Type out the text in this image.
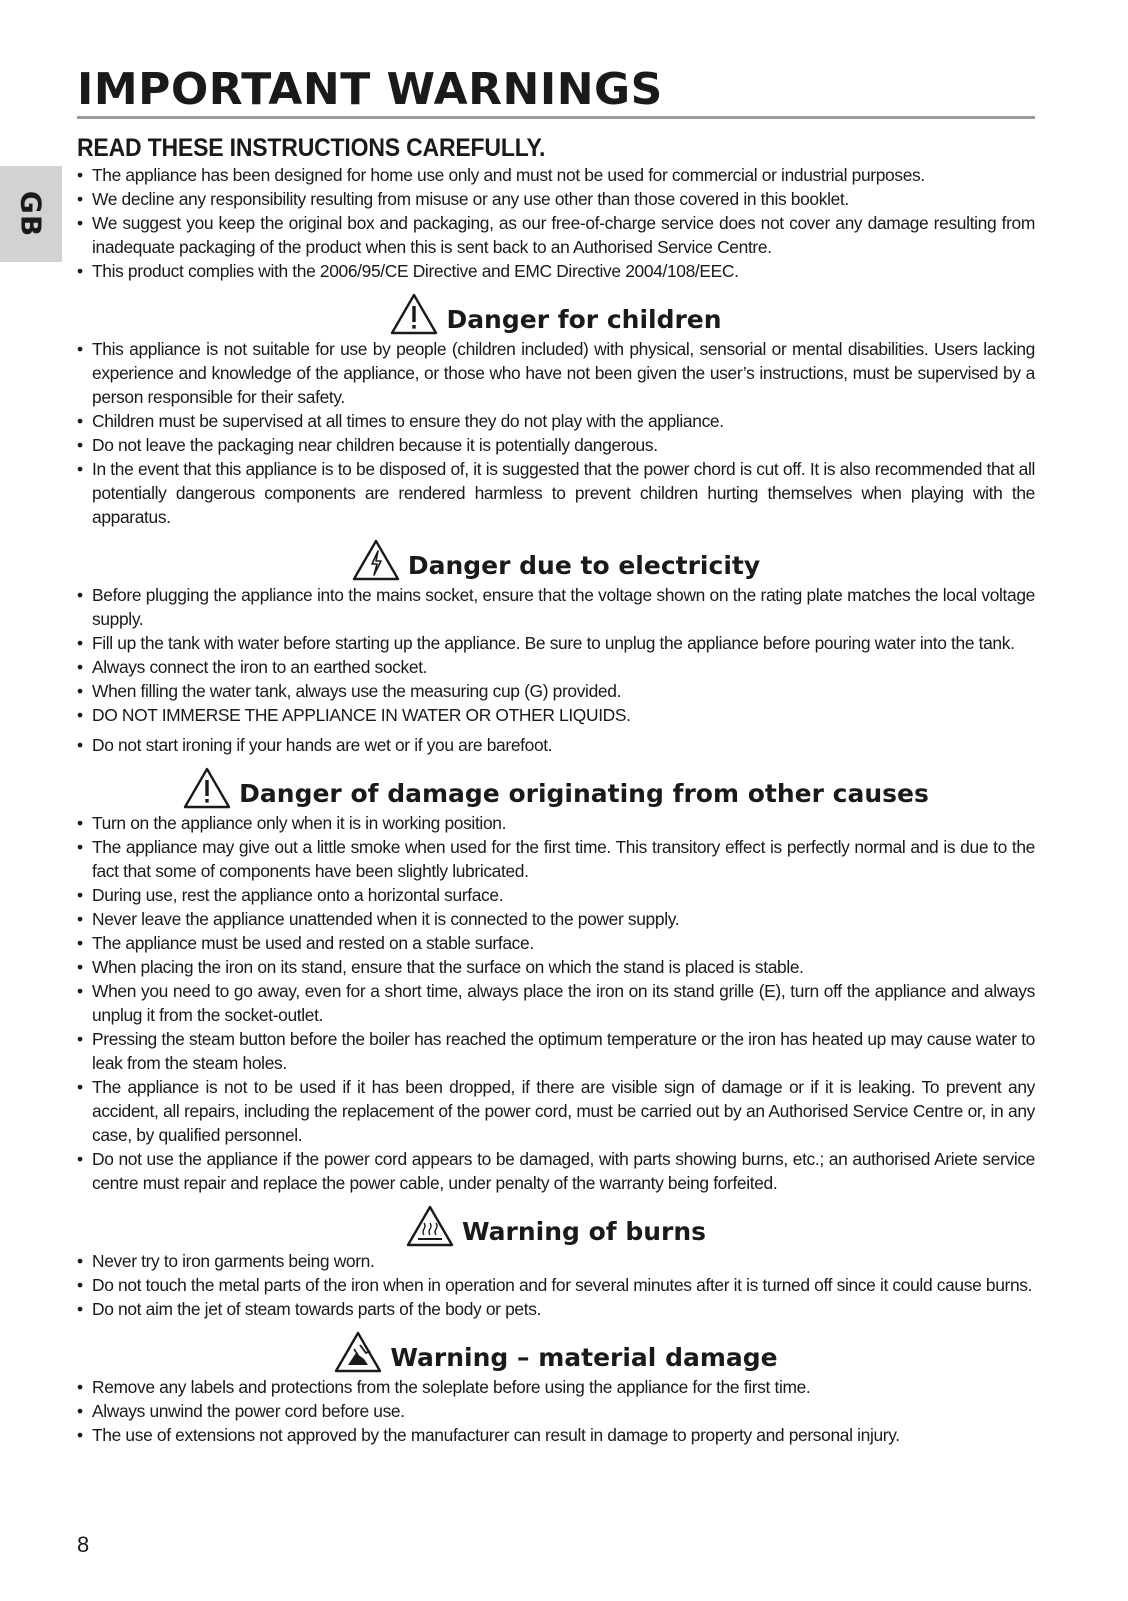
GB
IMPORTANT WARNINGS
READ THESE INSTRUCTIONS CAREFULLY.
• The appliance has been designed for home use only and must not be used for commercial or industrial purposes.
• We decline any responsibility resulting from misuse or any use other than those covered in this booklet.
• We suggest you keep the original box and packaging, as our free-of-charge service does not cover any damage resulting from inadequate packaging of the product when this is sent back to an Authorised Service Centre.
• This product complies with the 2006/95/CE Directive and EMC Directive 2004/108/EEC.
Danger for children
• This appliance is not suitable for use by people (children included) with physical, sensorial or mental disabilities. Users lacking experience and knowledge of the appliance, or those who have not been given the user’s instructions, must be supervised by a person responsible for their safety.
• Children must be supervised at all times to ensure they do not play with the appliance.
• Do not leave the packaging near children because it is potentially dangerous.
• In the event that this appliance is to be disposed of, it is suggested that the power chord is cut off. It is also recommended that all potentially dangerous components are rendered harmless to prevent children hurting themselves when playing with the apparatus.
Danger due to electricity
• Before plugging the appliance into the mains socket, ensure that the voltage shown on the rating plate matches the local voltage supply.
• Fill up the tank with water before starting up the appliance. Be sure to unplug the appliance before pouring water into the tank.
• Always connect the iron to an earthed socket.
• When filling the water tank, always use the measuring cup (G) provided.
• DO NOT IMMERSE THE APPLIANCE IN WATER OR OTHER LIQUIDS.
• Do not start ironing if your hands are wet or if you are barefoot.
Danger of damage originating from other causes
• Turn on the appliance only when it is in working position.
• The appliance may give out a little smoke when used for the first time. This transitory effect is perfectly normal and is due to the fact that some of components have been slightly lubricated.
• During use, rest the appliance onto a horizontal surface.
• Never leave the appliance unattended when it is connected to the power supply.
• The appliance must be used and rested on a stable surface.
• When placing the iron on its stand, ensure that the surface on which the stand is placed is stable.
• When you need to go away, even for a short time, always place the iron on its stand grille (E), turn off the appliance and always unplug it from the socket-outlet.
• Pressing the steam button before the boiler has reached the optimum temperature or the iron has heated up may cause water to leak from the steam holes.
• The appliance is not to be used if it has been dropped, if there are visible sign of damage or if it is leaking. To prevent any accident, all repairs, including the replacement of the power cord, must be carried out by an Authorised Service Centre or, in any case, by qualified personnel.
• Do not use the appliance if the power cord appears to be damaged, with parts showing burns, etc.; an authorised Ariete service centre must repair and replace the power cable, under penalty of the warranty being forfeited.
Warning of burns
• Never try to iron garments being worn.
• Do not touch the metal parts of the iron when in operation and for several minutes after it is turned off since it could cause burns.
• Do not aim the jet of steam towards parts of the body or pets.
Warning – material damage
• Remove any labels and protections from the soleplate before using the appliance for the first time.
• Always unwind the power cord before use.
• The use of extensions not approved by the manufacturer can result in damage to property and personal injury.
8
